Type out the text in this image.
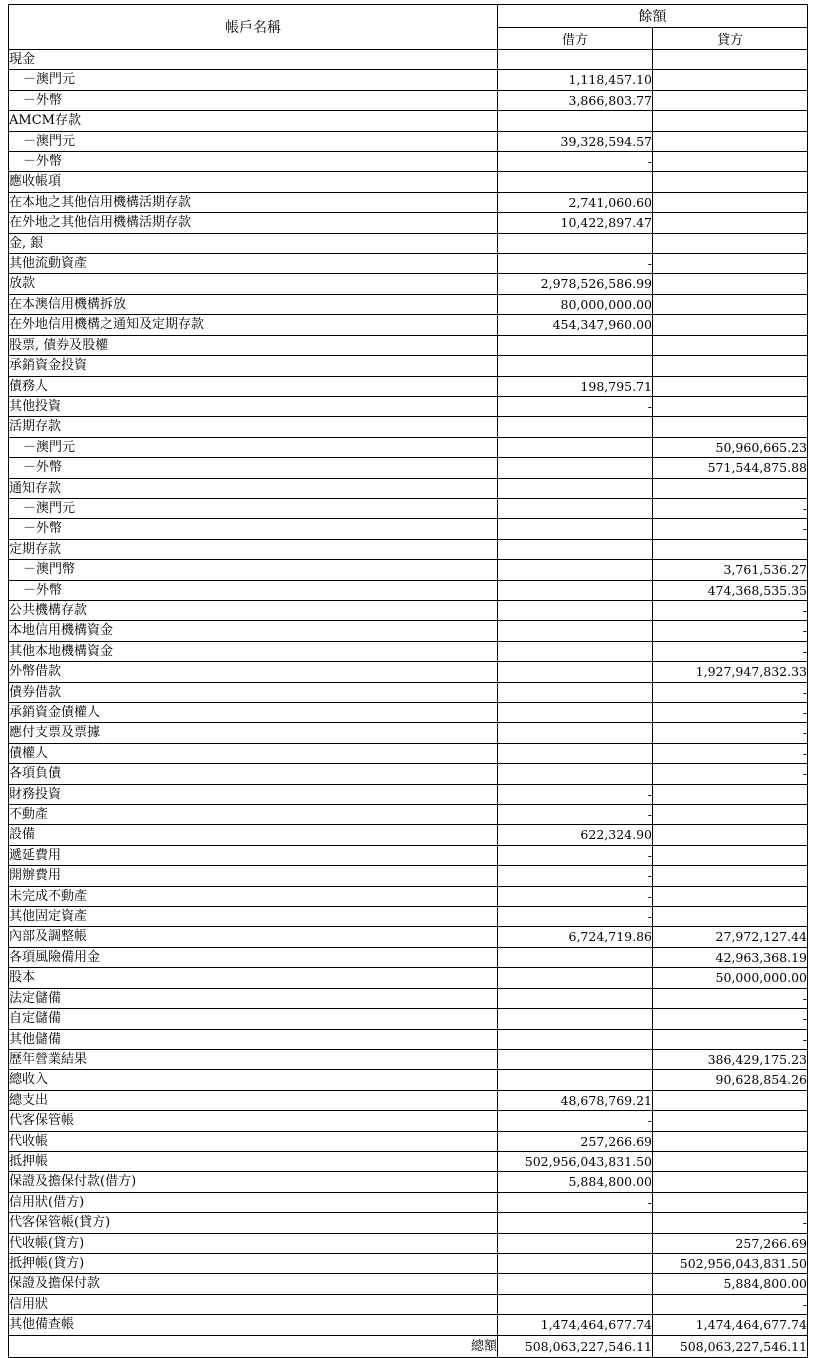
帳戶名稱	餘額	
	借方	貸方
現金		
－澳門元	1,118,457.10	
－外幣	3,866,803.77	
AMCM存款		
－澳門元	39,328,594.57	
－外幣	-	
應收帳項		
在本地之其他信用機構活期存款	2,741,060.60	
在外地之其他信用機構活期存款	10,422,897.47	
金, 銀		
其他流動資產	-	
放款	2,978,526,586.99	
在本澳信用機構拆放	80,000,000.00	
在外地信用機構之通知及定期存款	454,347,960.00	
股票, 債券及股權		
承銷資金投資		
債務人	198,795.71	
其他投資	-	
活期存款		
－澳門元		50,960,665.23
－外幣		571,544,875.88
通知存款		
－澳門元		-
－外幣		-
定期存款		
－澳門幣		3,761,536.27
－外幣		474,368,535.35
公共機構存款		-
本地信用機構資金		-
其他本地機構資金		-
外幣借款		1,927,947,832.33
債券借款		-
承銷資金債權人		-
應付支票及票據		-
債權人		-
各項負債		-
財務投資	-	
不動產	-	
設備	622,324.90	
遞延費用	-	
開辦費用	-	
未完成不動產	-	
其他固定資產	-	
內部及調整帳	6,724,719.86	27,972,127.44
各項風險備用金		42,963,368.19
股本		50,000,000.00
法定儲備		-
自定儲備		-
其他儲備		-
歷年營業結果		386,429,175.23
總收入		90,628,854.26
總支出	48,678,769.21	
代客保管帳	-	
代收帳	257,266.69	
抵押帳	502,956,043,831.50	
保證及擔保付款(借方)	5,884,800.00	
信用狀(借方)	-	
代客保管帳(貸方)		-
代收帳(貸方)		257,266.69
抵押帳(貸方)		502,956,043,831.50
保證及擔保付款		5,884,800.00
信用狀		-
其他備查帳	1,474,464,677.74	1,474,464,677.74
總額	508,063,227,546.11	508,063,227,546.11
